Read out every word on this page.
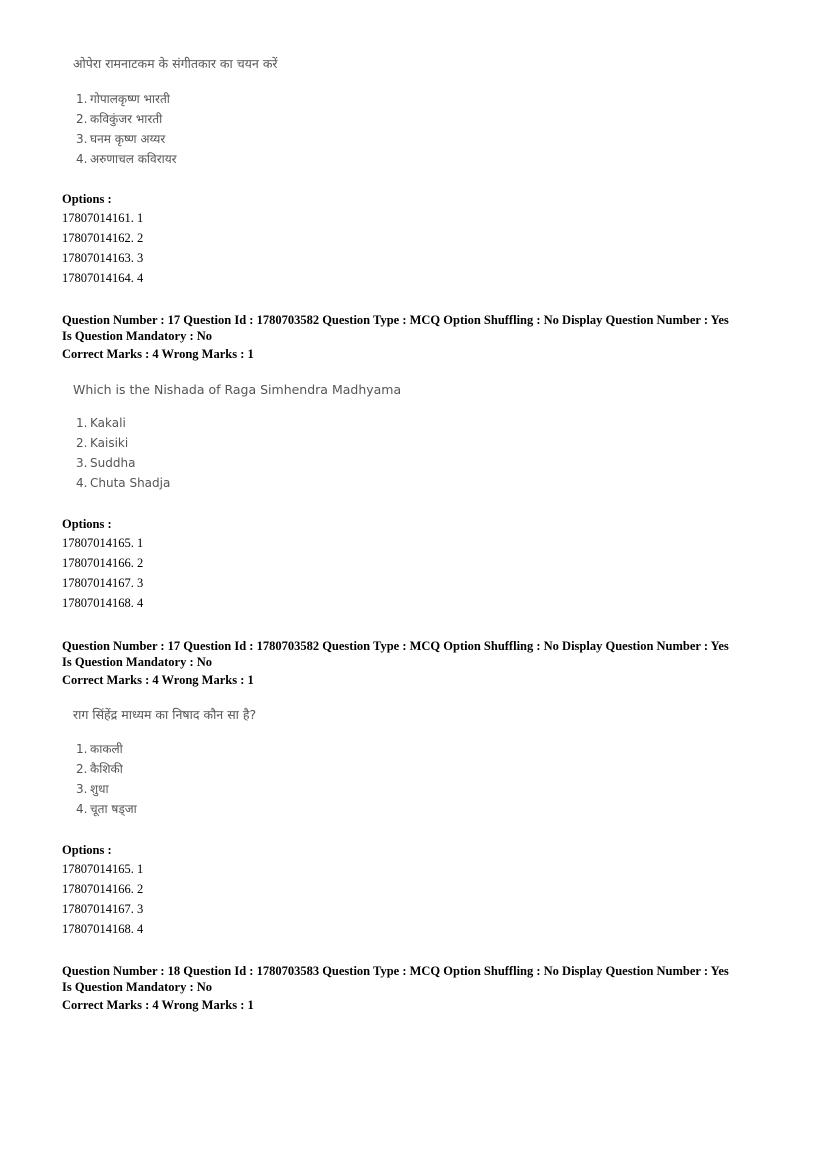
ओपेरा रामनाटकम के संगीतकार का चयन करें
1. गोपालकृष्ण भारती
2. कविकुंजर भारती
3. घनम कृष्ण अय्यर
4. अरुणाचल कविरायर
Options :
17807014161. 1
17807014162. 2
17807014163. 3
17807014164. 4
Question Number : 17 Question Id : 1780703582 Question Type : MCQ Option Shuffling : No Display Question Number : Yes
Is Question Mandatory : No
Correct Marks : 4 Wrong Marks : 1
Which is the Nishada of Raga Simhendra Madhyama
1. Kakali
2. Kaisiki
3. Suddha
4. Chuta Shadja
Options :
17807014165. 1
17807014166. 2
17807014167. 3
17807014168. 4
Question Number : 17 Question Id : 1780703582 Question Type : MCQ Option Shuffling : No Display Question Number : Yes
Is Question Mandatory : No
Correct Marks : 4 Wrong Marks : 1
राग सिंहेंद्र माध्यम का निषाद कौन सा है?
1. काकली
2. कैशिकी
3. शुधा
4. चूता षड्जा
Options :
17807014165. 1
17807014166. 2
17807014167. 3
17807014168. 4
Question Number : 18 Question Id : 1780703583 Question Type : MCQ Option Shuffling : No Display Question Number : Yes
Is Question Mandatory : No
Correct Marks : 4 Wrong Marks : 1
